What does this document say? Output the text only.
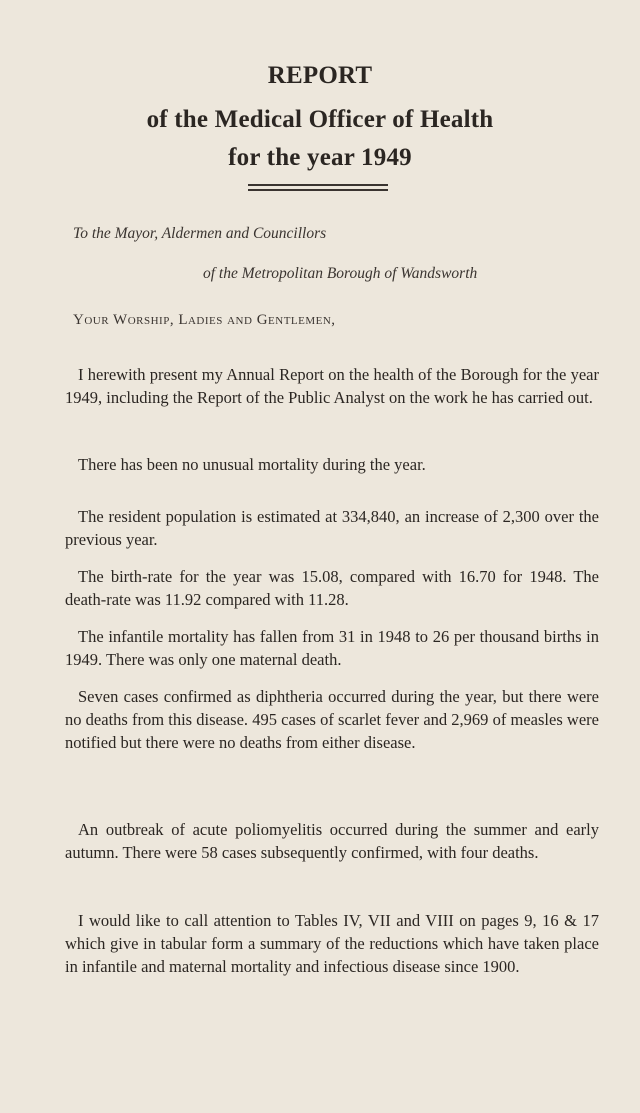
REPORT
of the Medical Officer of Health
for the year 1949
To the Mayor, Aldermen and Councillors
of the Metropolitan Borough of Wandsworth
Your Worship, Ladies and Gentlemen,
I herewith present my Annual Report on the health of the Borough for the year 1949, including the Report of the Public Analyst on the work he has carried out.
There has been no unusual mortality during the year.
The resident population is estimated at 334,840, an increase of 2,300 over the previous year.
The birth-rate for the year was 15.08, compared with 16.70 for 1948. The death-rate was 11.92 compared with 11.28.
The infantile mortality has fallen from 31 in 1948 to 26 per thousand births in 1949. There was only one maternal death.
Seven cases confirmed as diphtheria occurred during the year, but there were no deaths from this disease. 495 cases of scarlet fever and 2,969 of measles were notified but there were no deaths from either disease.
An outbreak of acute poliomyelitis occurred during the summer and early autumn. There were 58 cases subsequently confirmed, with four deaths.
I would like to call attention to Tables IV, VII and VIII on pages 9, 16 & 17 which give in tabular form a summary of the reductions which have taken place in infantile and maternal mortality and infectious disease since 1900.
